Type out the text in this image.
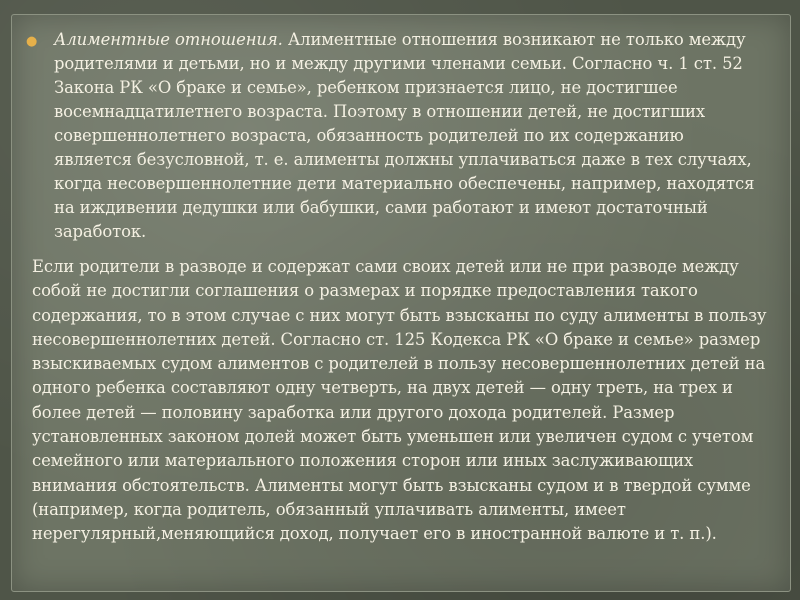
● Алиментные отношения. Алиментные отношения возникают не только между родителями и детьми, но и между другими членами семьи. Согласно ч. 1 ст. 52 Закона РК «О браке и семье», ребенком признается лицо, не достигшее восемнадцатилетнего возраста. Поэтому в отношении детей, не достигших совершеннолетнего возраста, обязанность родителей по их содержанию является безусловной, т. е. алименты должны уплачиваться даже в тех случаях, когда несовершеннолетние дети материально обеспечены, например, находятся на иждивении дедушки или бабушки, сами работают и имеют достаточный заработок.
Если родители в разводе и содержат сами своих детей или не при разводе между собой не достигли соглашения о размерах и порядке предоставления такого содержания, то в этом случае с них могут быть взысканы по суду алименты в пользу несовершеннолетних детей. Согласно ст. 125 Кодекса РК «О браке и семье» размер взыскиваемых судом алиментов с родителей в пользу несовершеннолетних детей на одного ребенка составляют одну четверть, на двух детей — одну треть, на трех и более детей — половину заработка или другого дохода родителей. Размер установленных законом долей может быть уменьшен или увеличен судом с учетом семейного или материального положения сторон или иных заслуживающих внимания обстоятельств. Алименты могут быть взысканы судом и в твердой сумме (например, когда родитель, обязанный уплачивать алименты, имеет нерегулярный,меняющийся доход, получает его в иностранной валюте и т. п.).
